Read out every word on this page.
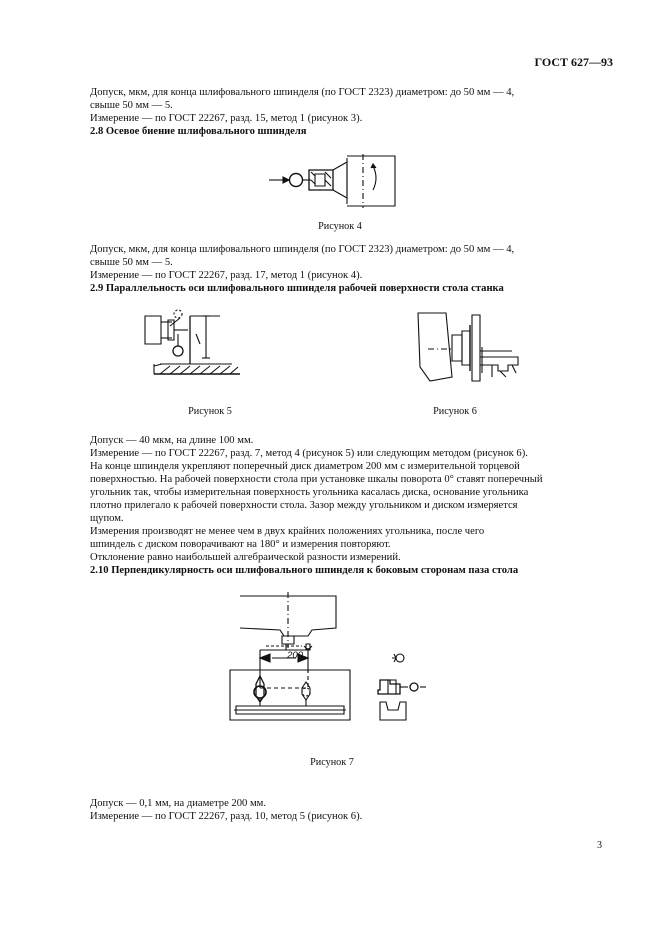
ГОСТ 627—93
Допуск, мкм, для конца шлифовального шпинделя (по ГОСТ 2323) диаметром: до 50 мм — 4,
свыше 50 мм — 5.
Измерение — по ГОСТ 22267, разд. 15, метод 1 (рисунок 3).
2.8 Осевое биение шлифовального шпинделя
Рисунок 4
Допуск, мкм, для конца шлифовального шпинделя (по ГОСТ 2323) диаметром: до 50 мм — 4,
свыше 50 мм — 5.
Измерение — по ГОСТ 22267, разд. 17, метод 1 (рисунок 4).
2.9 Параллельность оси шлифовального шпинделя рабочей поверхности стола станка
Рисунок 5	Рисунок 6
Допуск — 40 мкм, на длине 100 мм.
Измерение — по ГОСТ 22267, разд. 7, метод 4 (рисунок 5) или следующим методом (рисунок 6).
На конце шпинделя укрепляют поперечный диск диаметром 200 мм с измерительной торцевой
поверхностью. На рабочей поверхности стола при установке шкалы поворота 0° ставят поперечный
угольник так, чтобы измерительная поверхность угольника касалась диска, основание угольника
плотно прилегало к рабочей поверхности стола. Зазор между угольником и диском измеряется
щупом.
Измерения производят не менее чем в двух крайних положениях угольника, после чего
шпиндель с диском поворачивают на 180° и измерения повторяют.
Отклонение равно наибольшей алгебраической разности измерений.
2.10 Перпендикулярность оси шлифовального шпинделя к боковым сторонам паза стола
200
Рисунок 7
Допуск — 0,1 мм, на диаметре 200 мм.
Измерение — по ГОСТ 22267, разд. 10, метод 5 (рисунок 6).
3
